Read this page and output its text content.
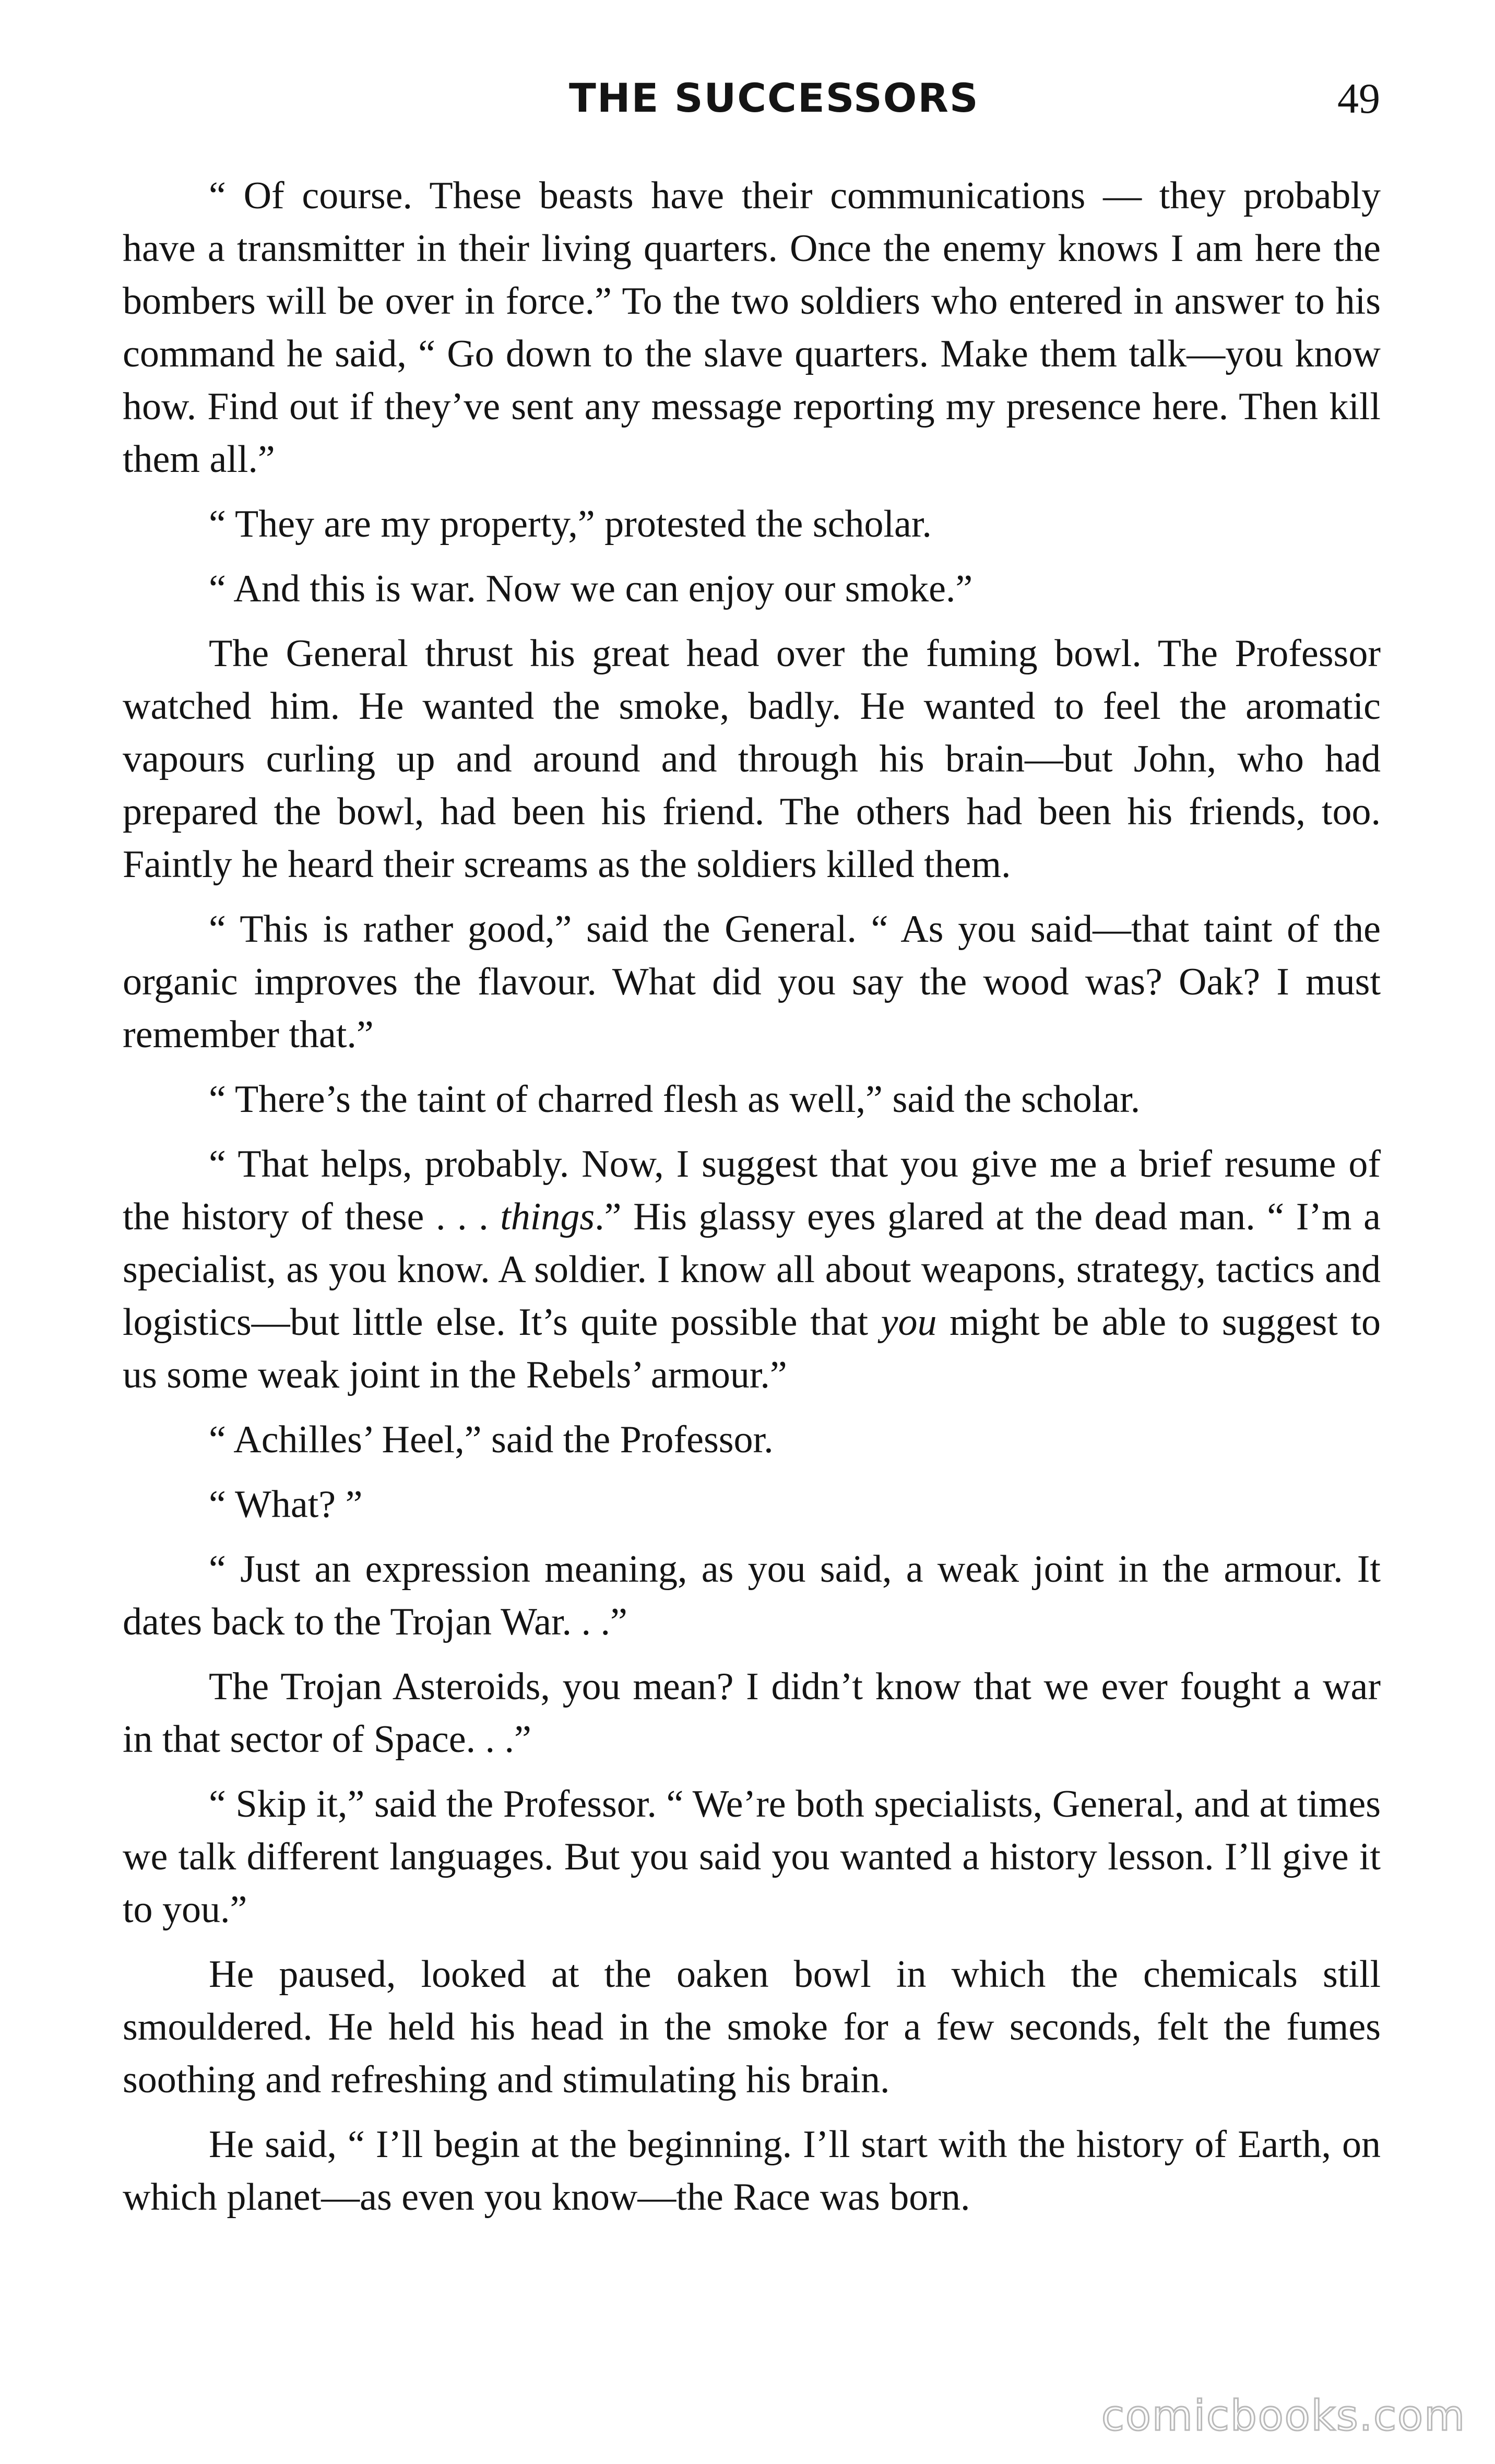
THE SUCCESSORS	49

“ Of course. These beasts have their communications — they probably have a transmitter in their living quarters. Once the enemy knows I am here the bombers will be over in force.” To the two soldiers who entered in answer to his command he said, “ Go down to the slave quarters. Make them talk—you know how. Find out if they’ve sent any message reporting my presence here. Then kill them all.”

“ They are my property,” protested the scholar.

“ And this is war. Now we can enjoy our smoke.”

The General thrust his great head over the fuming bowl. The Professor watched him. He wanted the smoke, badly. He wanted to feel the aromatic vapours curling up and around and through his brain—but John, who had prepared the bowl, had been his friend. The others had been his friends, too. Faintly he heard their screams as the soldiers killed them.

“ This is rather good,” said the General. “ As you said—that taint of the organic improves the flavour. What did you say the wood was? Oak? I must remember that.”

“ There’s the taint of charred flesh as well,” said the scholar.

“ That helps, probably. Now, I suggest that you give me a brief resume of the history of these . . . things.” His glassy eyes glared at the dead man. “ I’m a specialist, as you know. A soldier. I know all about weapons, strategy, tactics and logistics—but little else. It’s quite possible that you might be able to suggest to us some weak joint in the Rebels’ armour.”

“ Achilles’ Heel,” said the Professor.

“ What? ”

“ Just an expression meaning, as you said, a weak joint in the armour. It dates back to the Trojan War. . .”

The Trojan Asteroids, you mean? I didn’t know that we ever fought a war in that sector of Space. . .”

“ Skip it,” said the Professor. “ We’re both specialists, General, and at times we talk different languages. But you said you wanted a history lesson. I’ll give it to you.”

He paused, looked at the oaken bowl in which the chemicals still smouldered. He held his head in the smoke for a few seconds, felt the fumes soothing and refreshing and stimulating his brain.

He said, “ I’ll begin at the beginning. I’ll start with the history of Earth, on which planet—as even you know—the Race was born.

comicbooks.com
